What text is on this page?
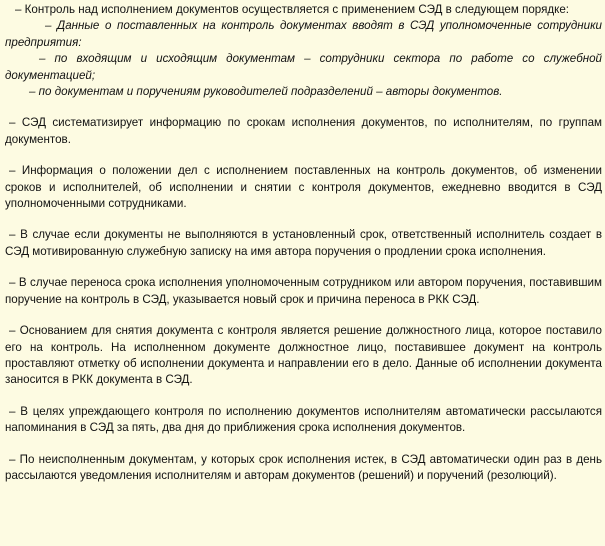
– Контроль над исполнением документов осуществляется с применением СЭД в следующем порядке:

– Данные о поставленных на контроль документах вводят в СЭД уполномоченные сотрудники предприятия:

– по входящим и исходящим документам – сотрудники сектора по работе со служебной документацией;

– по документам и поручениям руководителей подразделений – авторы документов.

– СЭД систематизирует информацию по срокам исполнения документов, по исполнителям, по группам документов.

– Информация о положении дел с исполнением поставленных на контроль документов, об изменении сроков и исполнителей, об исполнении и снятии с контроля документов, ежедневно вводится в СЭД уполномоченными сотрудниками.

– В случае если документы не выполняются в установленный срок, ответственный исполнитель создает в СЭД мотивированную служебную записку на имя автора поручения о продлении срока исполнения.

– В случае переноса срока исполнения уполномоченным сотрудником или автором поручения, поставившим поручение на контроль в СЭД, указывается новый срок и причина переноса в РКК СЭД.

– Основанием для снятия документа с контроля является решение должностного лица, которое поставило его на контроль. На исполненном документе должностное лицо, поставившее документ на контроль проставляют отметку об исполнении документа и направлении его в дело. Данные об исполнении документа заносится в РКК документа в СЭД.

– В целях упреждающего контроля по исполнению документов исполнителям автоматически рассылаются напоминания в СЭД за пять, два дня до приближения срока исполнения документов.

– По неисполненным документам, у которых срок исполнения истек, в СЭД автоматически один раз в день рассылаются уведомления исполнителям и авторам документов (решений) и поручений (резолюций).
